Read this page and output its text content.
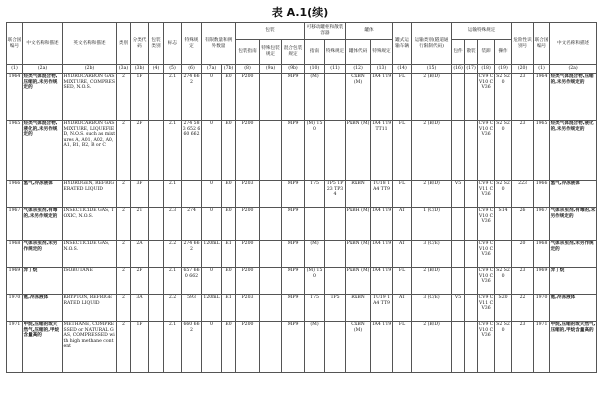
表 A.1(续)
联合国编号	中文名称和描述	英文名称和描述	类别	分类代码	包装类别	标志	特殊规定	有限数量和例外数量		包装			可移动罐柜和散装容器		罐体		罐式运输车辆	运输类别(隧道通行限制代码)	运输特殊规定				危险性识别号	联合国编号	中文名称和描述
										包装指南	特殊包装规定	混合包装规定	指南	特殊规定	罐体代码	特殊规定			包件	散装	装卸	操作			
(1)	(2a)	(2b)	(3a)	(3b)	(4)	(5)	(6)	(7a)	(7b)	(8)	(9a)	(9b)	(10)	(11)	(12)	(13)	(14)	(15)	(16)	(17)	(18)	(19)	(20)	(1)	(2a)
1964	烃类气体混合物,压缩的,未另作规定的	HYDROCARBON GAS MIXTURE, COMPRESSED, N.O.S.	2	1F		2.1	274 662	0	E0	P200		MP9	(M)		CxBN (M)	TA4 TT9	FL	2 (B/D)			CV9 CV10 CV36	S2 S20	23	1964	烃类气体混合物,压缩的,未另作规定的
1965	烃类气体混合物,液化的,未另作规定的	HYDROCARBON GAS MIXTURE, LIQUEFIED, N.O.S. such as mixtures A, A01, A02, A0, A1, B1, B2, B or C	2	2F		2.1	274 583 652 660 662	0	E0	P200		MP9	(M) T50		PxBN (M)	TA4 TT9 TT11	FL	2 (B/D)			CV9 CV10 CV36	S2 S20	23	1965	烃类气体混合物,液化的,未另作规定的
1966	氢气,冷冻液体	HYDROGEN, REFRIGERATED LIQUID	2	3F		2.1		0	E0	P203		MP9	T75	TP5 TP23 TP34	RxBN	TU18 TA4 TT9	FL	2 (B/D)	V5		CV9 CV11 CV36	S2 S20	223	1966	氢气,冷冻液体
1967	气体杀虫剂,有毒的,未另作规定的	INSECTICIDE GAS, TOXIC, N.O.S.	2	2T		2.3	274	0	E0	P200		MP9			PxBH (M)	TA4 TT9	AT	1 (C/D)			CV9 CV10 CV36	S14	26	1967	气体杀虫剂,有毒的,未另作规定的
1968	气体杀虫剂,未另作规定的	INSECTICIDE GAS, N.O.S.	2	2A		2.2	274 662	120mL	E1	P200		MP9	(M)		PxBN (M)	TA4 TT9	AT	3 (C/E)			CV9 CV10 CV36		20	1968	气体杀虫剂,未另作规定的
1969	异丁烷	ISOBUTANE	2	2F		2.1	657 660 662	0	E0	P200		MP9	(M) T50		PxBN (M)	TA4 TT9	FL	2 (B/D)			CV9 CV10 CV36	S2 S20	23	1969	异丁烷
1970	氪,冷冻液体	KRYPTON, REFRIGERATED LIQUID	2	3A		2.2	593	120mL	E1	P203		MP9	T75	TP5	RxBN	TU19 TA4 TT9	AT	3 (C/E)	V5		CV9 CV11 CV36	S20	22	1970	氪,冷冻液体
1971	甲烷,压缩的或天然气,压缩的,甲烷含量高的	METHANE, COMPRESSED or NATURAL GAS, COMPRESSED with high methane content	2	1F		2.1	660 662	0	E0	P200		MP9	(M)		CxBN (M)	TA4 TT9	FL	2 (B/D)			CV9 CV10 CV36	S2 S20	23	1971	甲烷,压缩的或天然气,压缩的,甲烷含量高的
